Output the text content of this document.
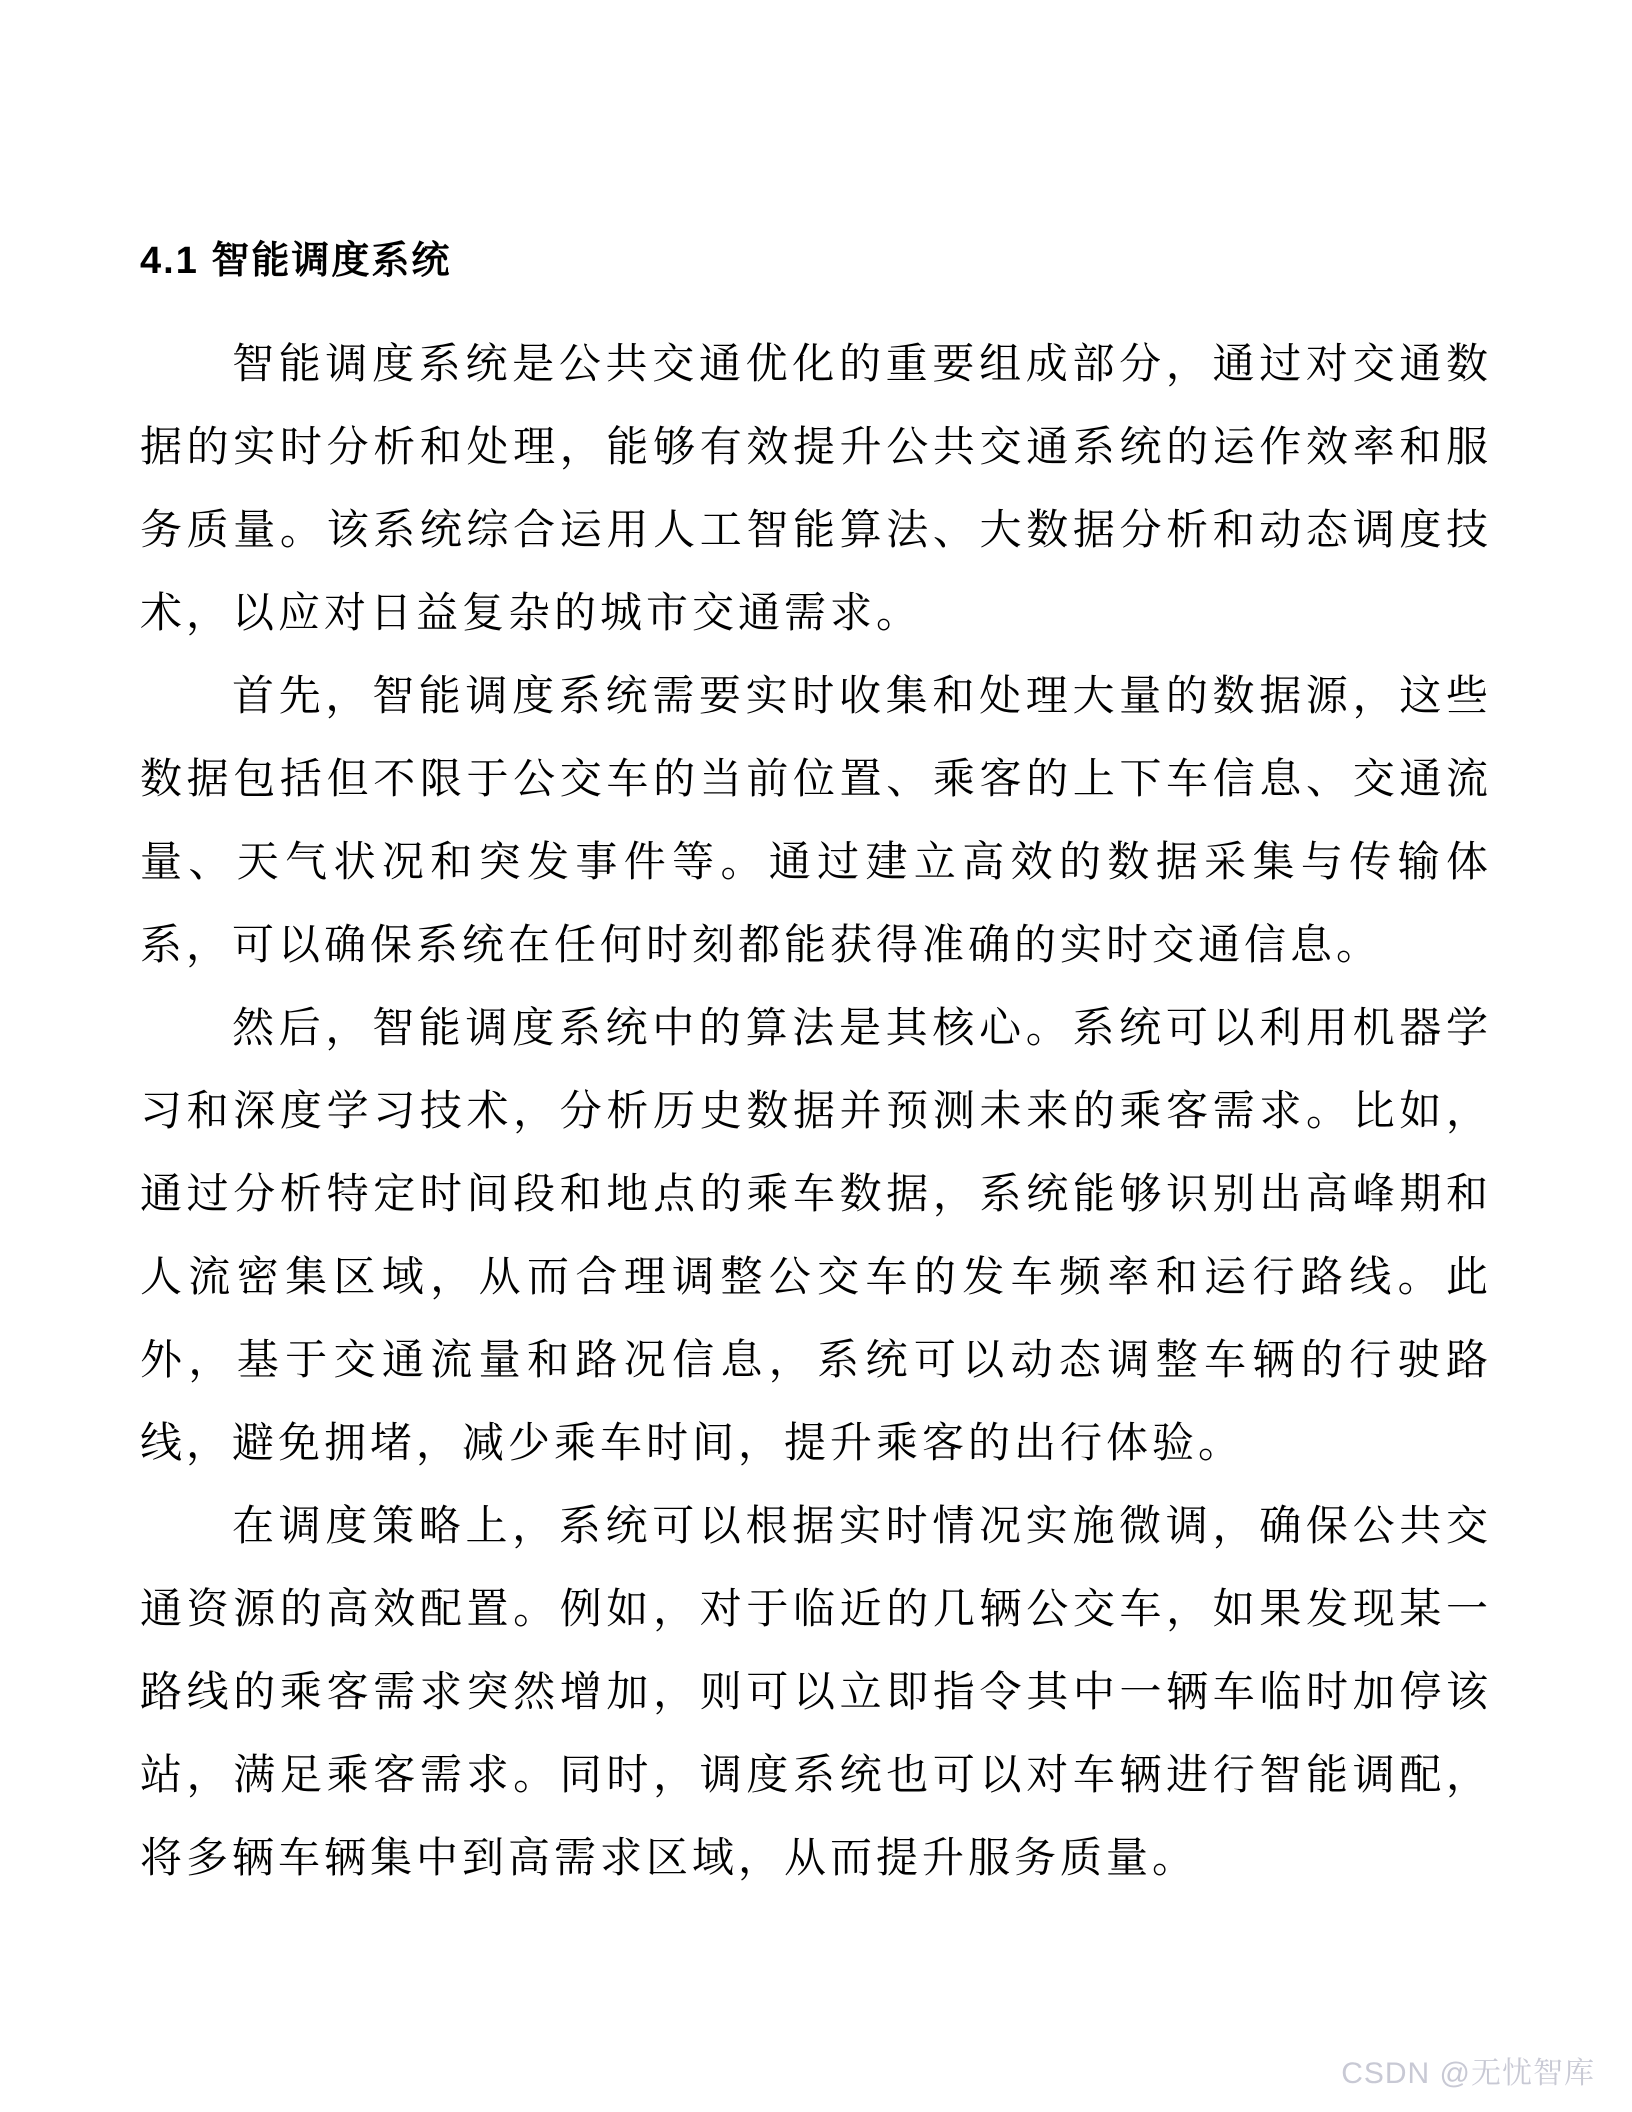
4.1 智能调度系统

智能调度系统是公共交通优化的重要组成部分，通过对交通数据的实时分析和处理，能够有效提升公共交通系统的运作效率和服务质量。该系统综合运用人工智能算法、大数据分析和动态调度技术，以应对日益复杂的城市交通需求。

首先，智能调度系统需要实时收集和处理大量的数据源，这些数据包括但不限于公交车的当前位置、乘客的上下车信息、交通流量、天气状况和突发事件等。通过建立高效的数据采集与传输体系，可以确保系统在任何时刻都能获得准确的实时交通信息。

然后，智能调度系统中的算法是其核心。系统可以利用机器学习和深度学习技术，分析历史数据并预测未来的乘客需求。比如，通过分析特定时间段和地点的乘车数据，系统能够识别出高峰期和人流密集区域，从而合理调整公交车的发车频率和运行路线。此外，基于交通流量和路况信息，系统可以动态调整车辆的行驶路线，避免拥堵，减少乘车时间，提升乘客的出行体验。

在调度策略上，系统可以根据实时情况实施微调，确保公共交通资源的高效配置。例如，对于临近的几辆公交车，如果发现某一路线的乘客需求突然增加，则可以立即指令其中一辆车临时加停该站，满足乘客需求。同时，调度系统也可以对车辆进行智能调配，将多辆车辆集中到高需求区域，从而提升服务质量。

CSDN @无忧智库
